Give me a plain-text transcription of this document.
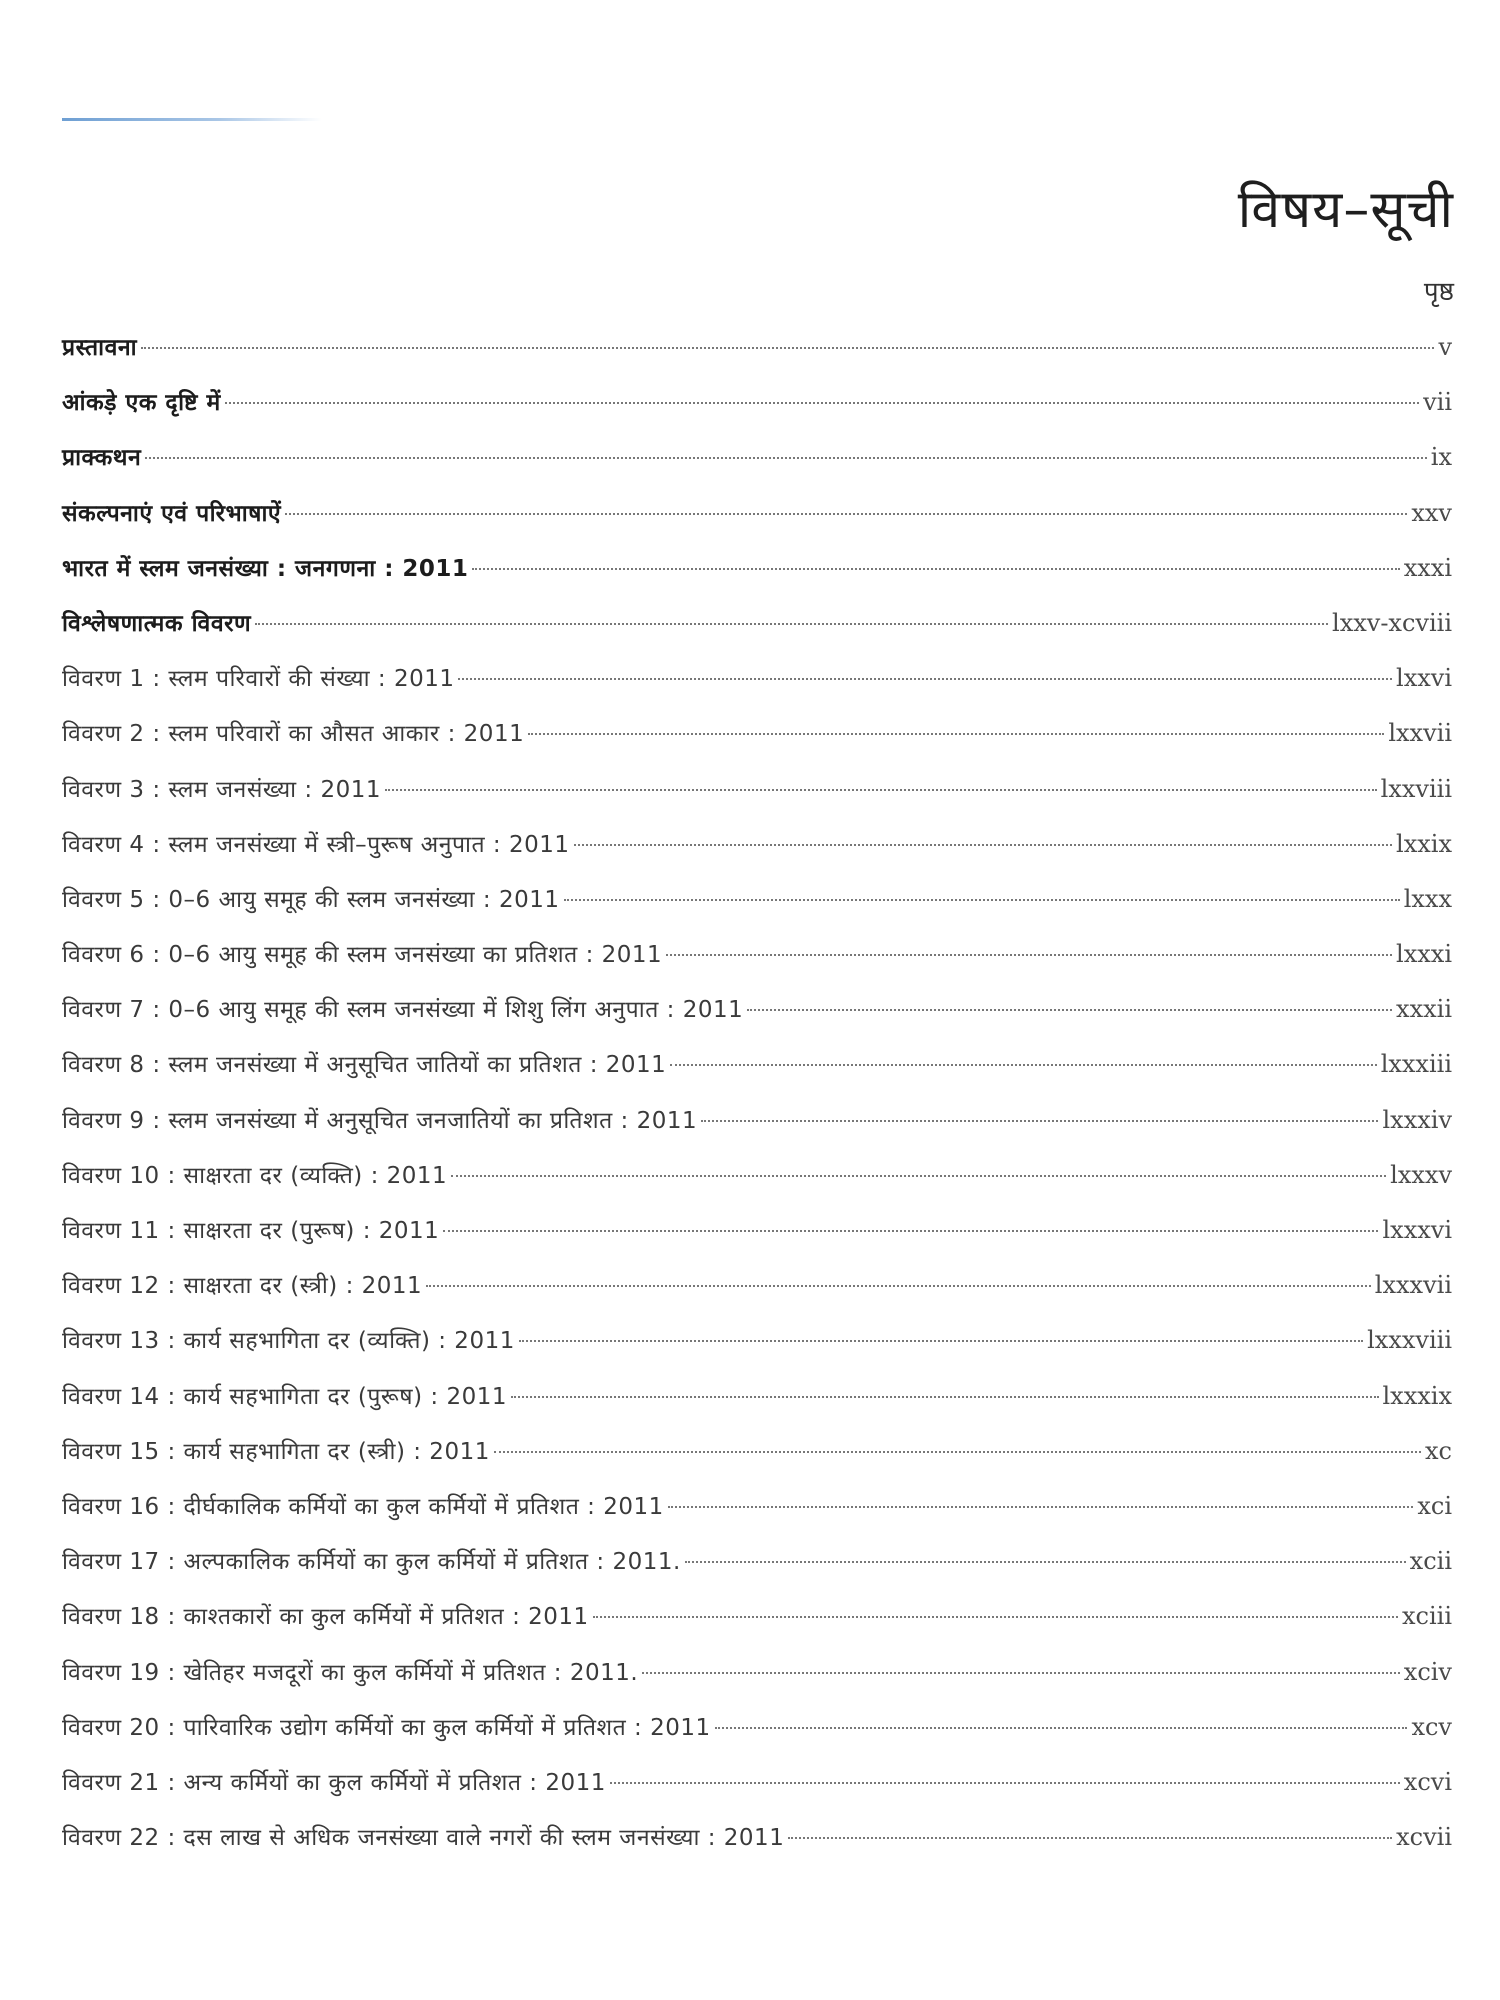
विषय–सूची
पृष्ठ
प्रस्तावना	v
आंकड़े एक दृष्टि में	vii
प्राक्कथन	ix
संकल्पनाएं एवं परिभाषाऐं	xxv
भारत में स्लम जनसंख्या : जनगणना : 2011	xxxi
विश्लेषणात्मक विवरण	lxxv-xcviii
विवरण 1 : स्लम परिवारों की संख्या : 2011	lxxvi
विवरण 2 : स्लम परिवारों का औसत आकार : 2011	lxxvii
विवरण 3 : स्लम जनसंख्या : 2011	lxxviii
विवरण 4 : स्लम जनसंख्या में स्त्री–पुरूष अनुपात : 2011	lxxix
विवरण 5 : 0–6 आयु समूह की स्लम जनसंख्या : 2011	lxxx
विवरण 6 : 0–6 आयु समूह की स्लम जनसंख्या का प्रतिशत : 2011	lxxxi
विवरण 7 : 0–6 आयु समूह की स्लम जनसंख्या में शिशु लिंग अनुपात : 2011	xxxii
विवरण 8 : स्लम जनसंख्या में अनुसूचित जातियों का प्रतिशत : 2011	lxxxiii
विवरण 9 : स्लम जनसंख्या में अनुसूचित जनजातियों का प्रतिशत : 2011	lxxxiv
विवरण 10 : साक्षरता दर (व्यक्ति) : 2011	lxxxv
विवरण 11 : साक्षरता दर (पुरूष) : 2011	lxxxvi
विवरण 12 : साक्षरता दर (स्त्री) : 2011	lxxxvii
विवरण 13 : कार्य सहभागिता दर (व्यक्ति) : 2011	lxxxviii
विवरण 14 : कार्य सहभागिता दर (पुरूष) : 2011	lxxxix
विवरण 15 : कार्य सहभागिता दर (स्त्री) : 2011	xc
विवरण 16 : दीर्घकालिक कर्मियों का कुल कर्मियों में प्रतिशत : 2011	xci
विवरण 17 : अल्पकालिक कर्मियों का कुल कर्मियों में प्रतिशत : 2011.	xcii
विवरण 18 : काश्तकारों का कुल कर्मियों में प्रतिशत : 2011	xciii
विवरण 19 : खेतिहर मजदूरों का कुल कर्मियों में प्रतिशत : 2011.	xciv
विवरण 20 : पारिवारिक उद्योग कर्मियों का कुल कर्मियों में प्रतिशत : 2011	xcv
विवरण 21 : अन्य कर्मियों का कुल कर्मियों में प्रतिशत : 2011	xcvi
विवरण 22 : दस लाख से अधिक जनसंख्या वाले नगरों की स्लम जनसंख्या : 2011	xcvii
